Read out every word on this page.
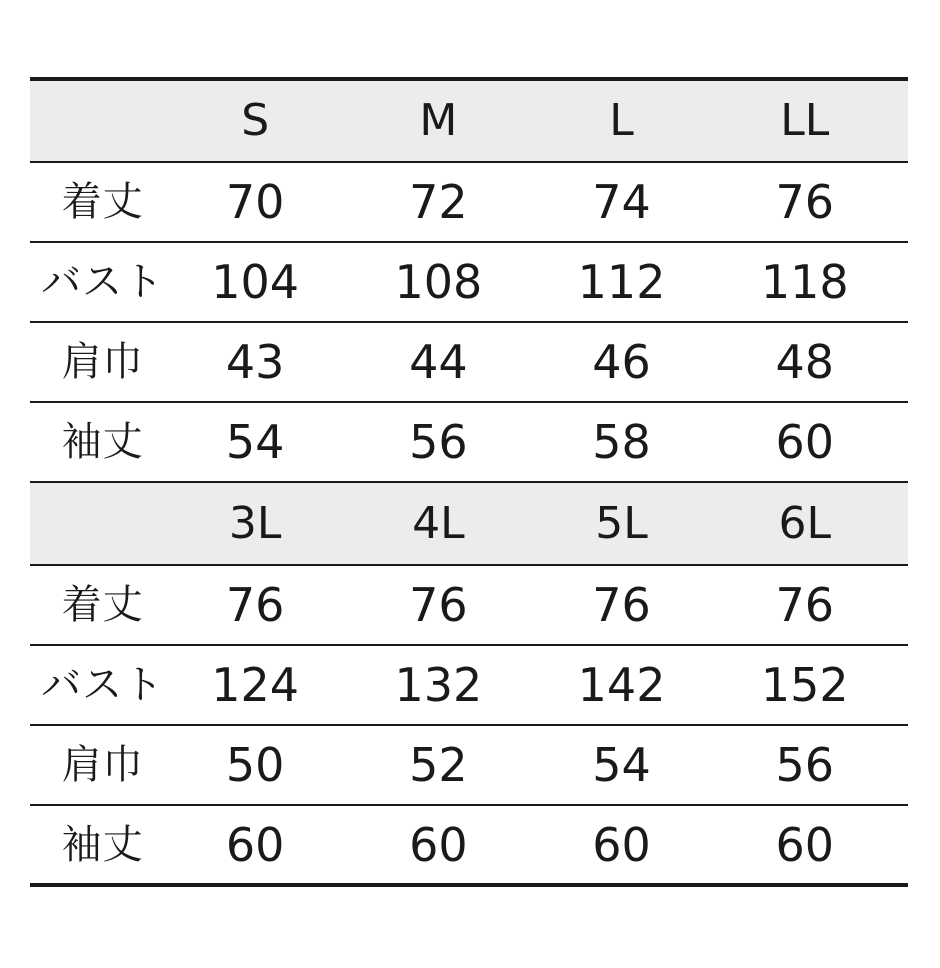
	S	M	L	LL

着丈	70	72	74	76

バスト	104	108	112	118

肩巾	43	44	46	48

袖丈	54	56	58	60

	3L	4L	5L	6L

着丈	76	76	76	76

バスト	124	132	142	152

肩巾	50	52	54	56

袖丈	60	60	60	60
